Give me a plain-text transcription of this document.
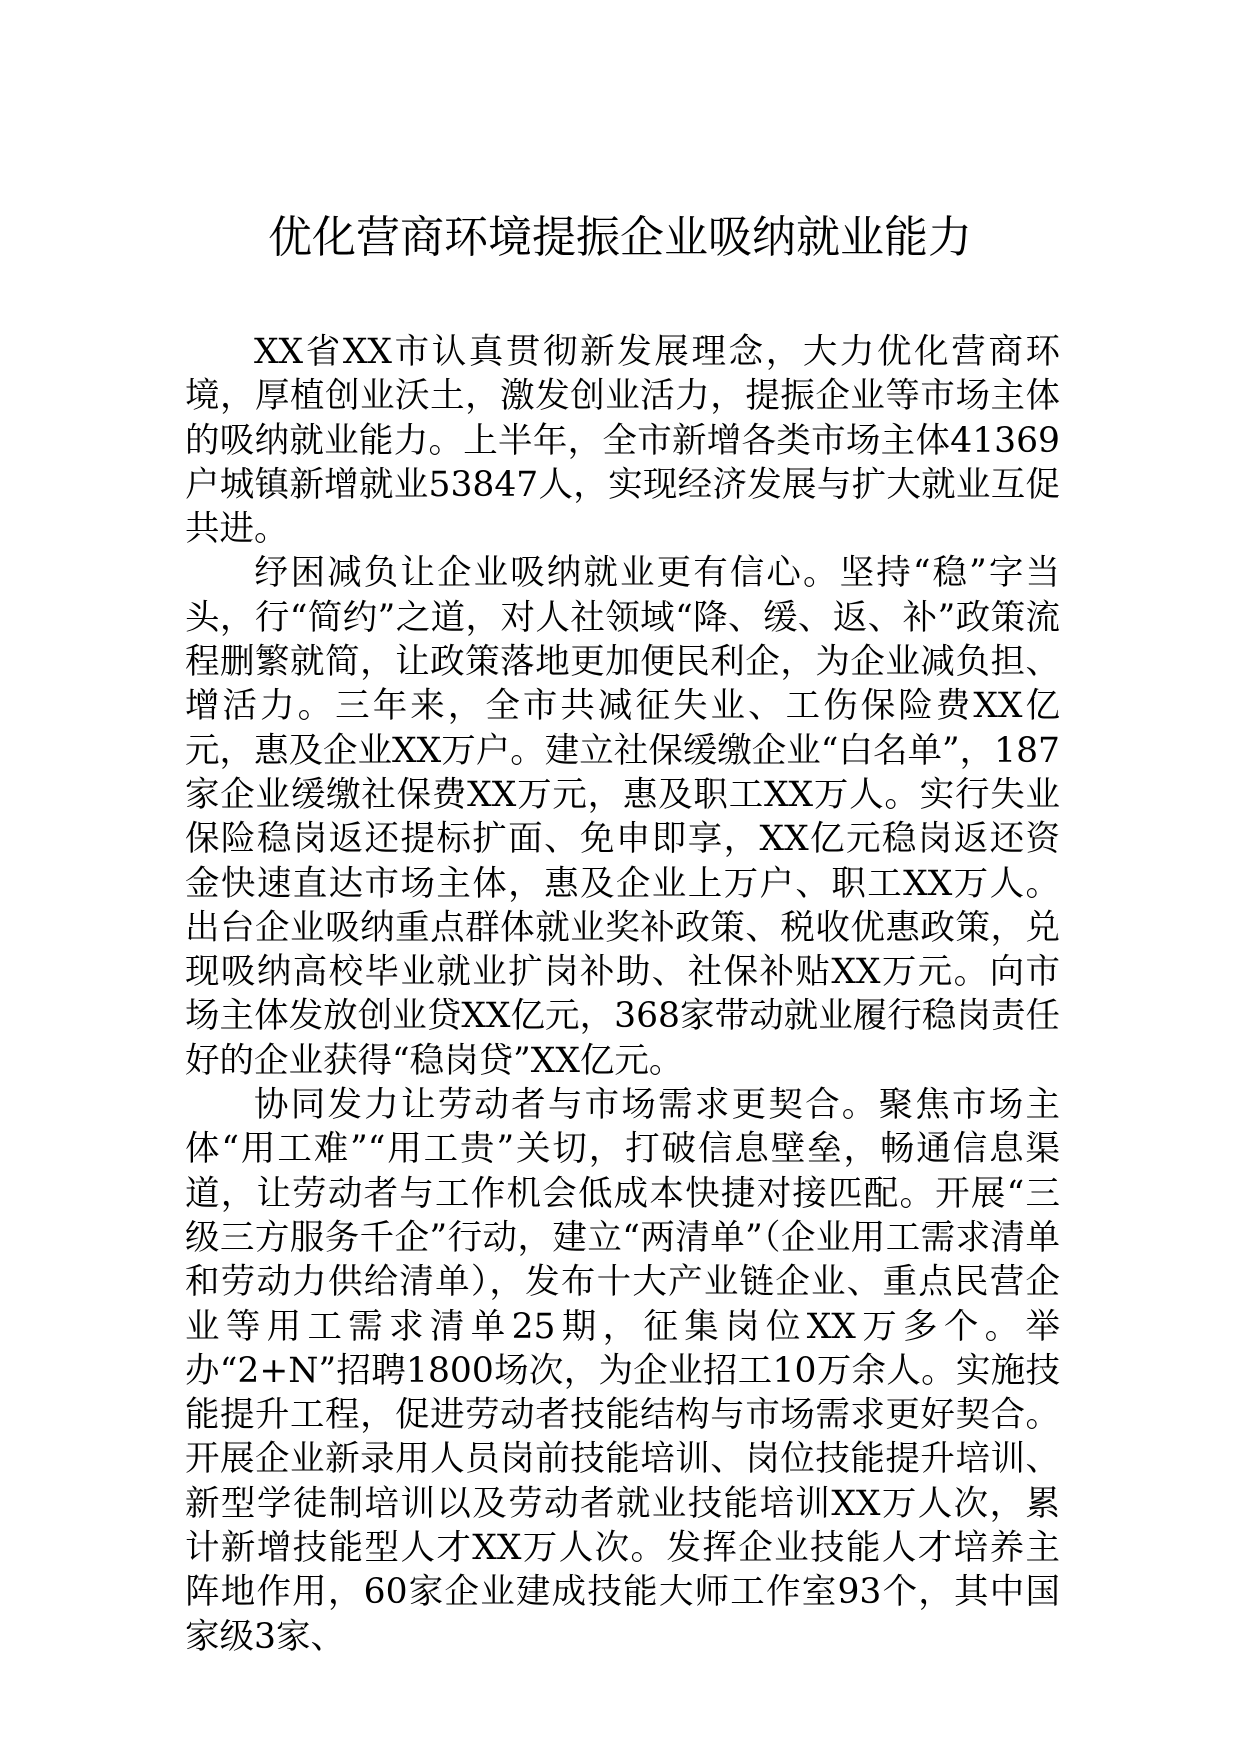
优化营商环境提振企业吸纳就业能力

XX省XX市认真贯彻新发展理念，大力优化营商环境，厚植创业沃土，激发创业活力，提振企业等市场主体的吸纳就业能力。上半年，全市新增各类市场主体41369户城镇新增就业53847人，实现经济发展与扩大就业互促共进。

纾困减负让企业吸纳就业更有信心。坚持“稳”字当头，行“简约”之道，对人社领域“降、缓、返、补”政策流程删繁就简，让政策落地更加便民利企，为企业减负担、增活力。三年来，全市共减征失业、工伤保险费XX亿元，惠及企业XX万户。建立社保缓缴企业“白名单”，187家企业缓缴社保费XX万元，惠及职工XX万人。实行失业保险稳岗返还提标扩面、免申即享，XX亿元稳岗返还资金快速直达市场主体，惠及企业上万户、职工XX万人。出台企业吸纳重点群体就业奖补政策、税收优惠政策，兑现吸纳高校毕业就业扩岗补助、社保补贴XX万元。向市场主体发放创业贷XX亿元，368家带动就业履行稳岗责任好的企业获得“稳岗贷”XX亿元。

协同发力让劳动者与市场需求更契合。聚焦市场主体“用工难”“用工贵”关切，打破信息壁垒，畅通信息渠道，让劳动者与工作机会低成本快捷对接匹配。开展“三级三方服务千企”行动，建立“两清单”（企业用工需求清单和劳动力供给清单），发布十大产业链企业、重点民营企业等用工需求清单25期，征集岗位XX万多个。举办“2+N”招聘1800场次，为企业招工10万余人。实施技能提升工程，促进劳动者技能结构与市场需求更好契合。开展企业新录用人员岗前技能培训、岗位技能提升培训、新型学徒制培训以及劳动者就业技能培训XX万人次，累计新增技能型人才XX万人次。发挥企业技能人才培养主阵地作用，60家企业建成技能大师工作室93个，其中国家级3家、
